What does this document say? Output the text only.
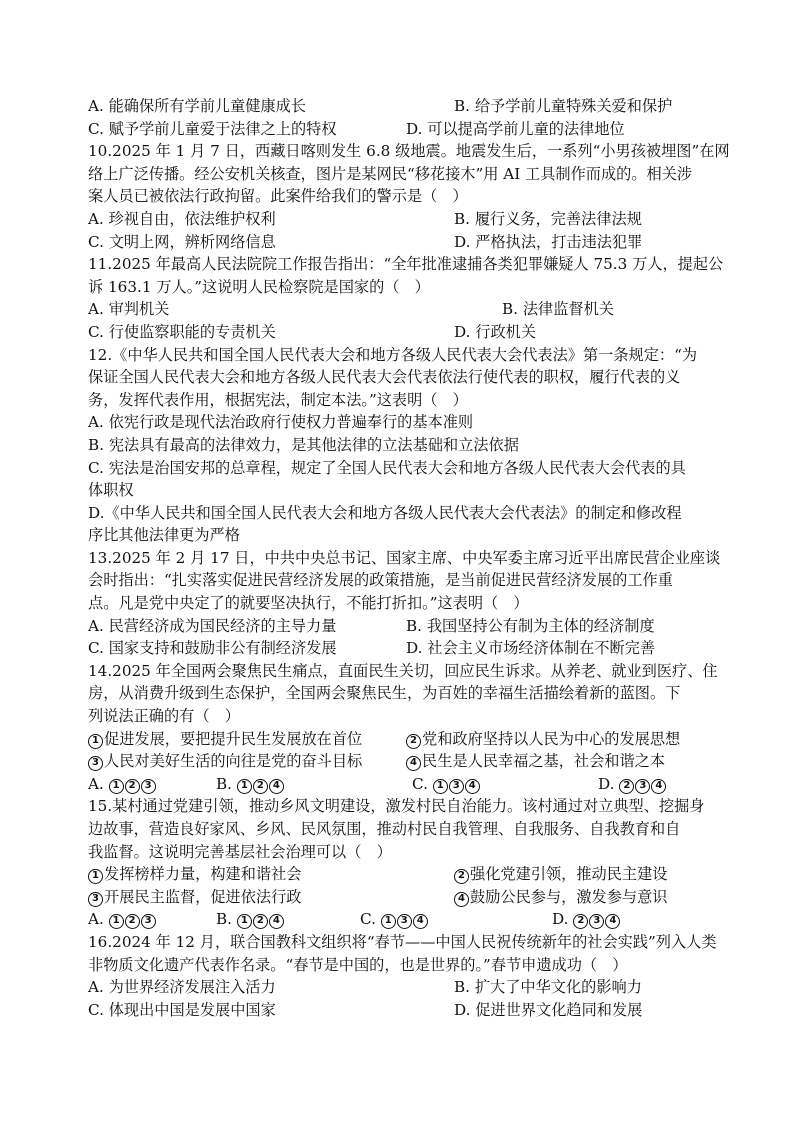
A. 能确保所有学前儿童健康成长	B. 给予学前儿童特殊关爱和保护
C. 赋予学前儿童爱于法律之上的特权	D. 可以提高学前儿童的法律地位
10.2025 年 1 月 7 日，西藏日喀则发生 6.8 级地震。地震发生后，一系列“小男孩被埋图”在网
络上广泛传播。经公安机关核查，图片是某网民“移花接木”用 AI 工具制作而成的。相关涉
案人员已被依法行政拘留。此案件给我们的警示是（　）
A. 珍视自由，依法维护权利	B. 履行义务，完善法律法规
C. 文明上网，辨析网络信息	D. 严格执法，打击违法犯罪
11.2025 年最高人民法院院工作报告指出：“全年批准逮捕各类犯罪嫌疑人 75.3 万人，提起公
诉 163.1 万人。”这说明人民检察院是国家的（　）
A. 审判机关	B. 法律监督机关
C. 行使监察职能的专责机关	D. 行政机关
12.《中华人民共和国全国人民代表大会和地方各级人民代表大会代表法》第一条规定：“为
保证全国人民代表大会和地方各级人民代表大会代表依法行使代表的职权，履行代表的义
务，发挥代表作用，根据宪法，制定本法。”这表明（　）
A. 依宪行政是现代法治政府行使权力普遍奉行的基本准则
B. 宪法具有最高的法律效力，是其他法律的立法基础和立法依据
C. 宪法是治国安邦的总章程，规定了全国人民代表大会和地方各级人民代表大会代表的具
体职权
D.《中华人民共和国全国人民代表大会和地方各级人民代表大会代表法》的制定和修改程
序比其他法律更为严格
13.2025 年 2 月 17 日，中共中央总书记、国家主席、中央军委主席习近平出席民营企业座谈
会时指出：“扎实落实促进民营经济发展的政策措施，是当前促进民营经济发展的工作重
点。凡是党中央定了的就要坚决执行，不能打折扣。”这表明（　）
A. 民营经济成为国民经济的主导力量	B. 我国坚持公有制为主体的经济制度
C. 国家支持和鼓励非公有制经济发展	D. 社会主义市场经济体制在不断完善
14.2025 年全国两会聚焦民生痛点，直面民生关切，回应民生诉求。从养老、就业到医疗、住
房，从消费升级到生态保护，全国两会聚焦民生，为百姓的幸福生活描绘着新的蓝图。下
列说法正确的有（　）
1 促进发展，要把提升民生发展放在首位	2 党和政府坚持以人民为中心的发展思想
3 人民对美好生活的向往是党的奋斗目标	4 民生是人民幸福之基，社会和谐之本
A. 1 2 3	B. 1 2 4	C. 1 3 4	D. 2 3 4
15.某村通过党建引领，推动乡风文明建设，激发村民自治能力。该村通过对立典型、挖掘身
边故事，营造良好家风、乡风、民风氛围，推动村民自我管理、自我服务、自我教育和自
我监督。这说明完善基层社会治理可以（　）
1 发挥榜样力量，构建和谐社会	2 强化党建引领，推动民主建设
3 开展民主监督，促进依法行政	4 鼓励公民参与，激发参与意识
A. 1 2 3	B. 1 2 4	C. 1 3 4	D. 2 3 4
16.2024 年 12 月，联合国教科文组织将“春节——中国人民祝传统新年的社会实践”列入人类
非物质文化遗产代表作名录。“春节是中国的，也是世界的。”春节申遗成功（　）
A. 为世界经济发展注入活力	B. 扩大了中华文化的影响力
C. 体现出中国是发展中国家	D. 促进世界文化趋同和发展
